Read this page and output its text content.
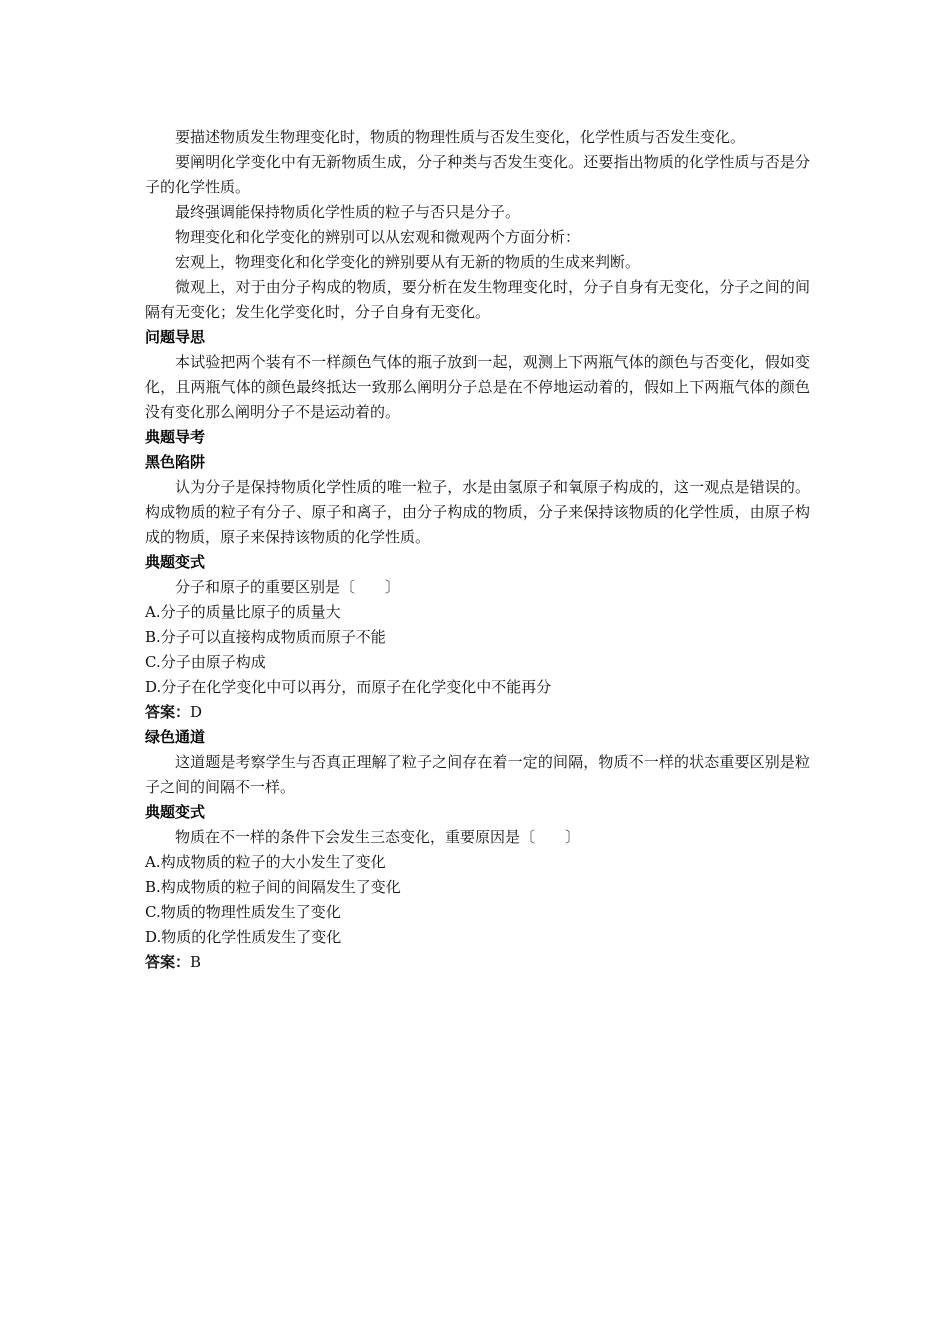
要描述物质发生物理变化时，物质的物理性质与否发生变化，化学性质与否发生变化。

要阐明化学变化中有无新物质生成，分子种类与否发生变化。还要指出物质的化学性质与否是分子的化学性质。

最终强调能保持物质化学性质的粒子与否只是分子。

物理变化和化学变化的辨别可以从宏观和微观两个方面分析：

宏观上，物理变化和化学变化的辨别要从有无新的物质的生成来判断。

微观上，对于由分子构成的物质，要分析在发生物理变化时，分子自身有无变化，分子之间的间隔有无变化；发生化学变化时，分子自身有无变化。

问题导思

本试验把两个装有不一样颜色气体的瓶子放到一起，观测上下两瓶气体的颜色与否变化，假如变化，且两瓶气体的颜色最终抵达一致那么阐明分子总是在不停地运动着的，假如上下两瓶气体的颜色没有变化那么阐明分子不是运动着的。

典题导考

黑色陷阱

认为分子是保持物质化学性质的唯一粒子，水是由氢原子和氧原子构成的，这一观点是错误的。构成物质的粒子有分子、原子和离子，由分子构成的物质，分子来保持该物质的化学性质，由原子构成的物质，原子来保持该物质的化学性质。

典题变式

分子和原子的重要区别是〔　　〕

A.分子的质量比原子的质量大

B.分子可以直接构成物质而原子不能

C.分子由原子构成

D.分子在化学变化中可以再分，而原子在化学变化中不能再分

答案：D

绿色通道

这道题是考察学生与否真正理解了粒子之间存在着一定的间隔，物质不一样的状态重要区别是粒子之间的间隔不一样。

典题变式

物质在不一样的条件下会发生三态变化，重要原因是〔　　〕

A.构成物质的粒子的大小发生了变化

B.构成物质的粒子间的间隔发生了变化

C.物质的物理性质发生了变化

D.物质的化学性质发生了变化

答案：B
